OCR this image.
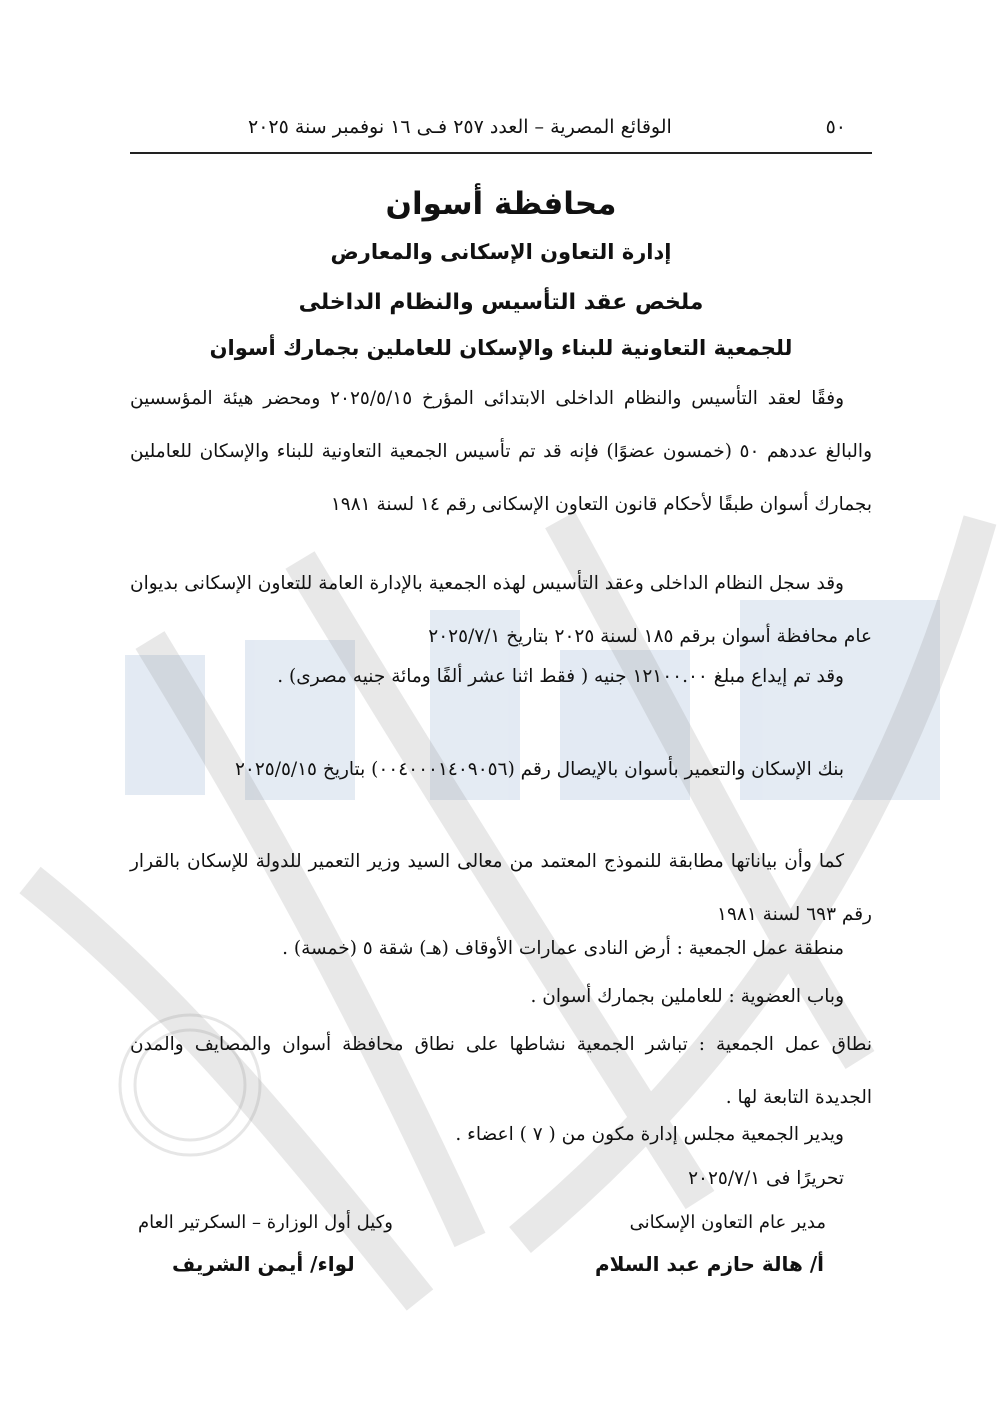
٥٠
الوقائع المصرية – العدد ٢٥٧ فـى ١٦ نوفمبر سنة ٢٠٢٥
محافظة أسوان
إدارة التعاون الإسكانى والمعارض
ملخص عقد التأسيس والنظام الداخلى
للجمعية التعاونية للبناء والإسكان للعاملين بجمارك أسوان
وفقًا لعقد التأسيس والنظام الداخلى الابتدائى المؤرخ ٢٠٢٥/٥/١٥ ومحضر هيئة المؤسسين والبالغ عددهم ٥٠ (خمسون عضوًا) فإنه قد تم تأسيس الجمعية التعاونية للبناء والإسكان للعاملين بجمارك أسوان طبقًا لأحكام قانون التعاون الإسكانى رقم ١٤ لسنة ١٩٨١
وقد سجل النظام الداخلى وعقد التأسيس لهذه الجمعية بالإدارة العامة للتعاون الإسكانى بديوان عام محافظة أسوان برقم ١٨٥ لسنة ٢٠٢٥ بتاريخ ٢٠٢٥/٧/١
وقد تم إيداع مبلغ ١٢١٠٠.٠٠ جنيه ( فقط اثنا عشر ألفًا ومائة جنيه مصرى) .
بنك الإسكان والتعمير بأسوان بالإيصال رقم (٠٠٤٠٠٠١٤٠٩٠٥٦) بتاريخ ٢٠٢٥/٥/١٥
كما وأن بياناتها مطابقة للنموذج المعتمد من معالى السيد وزير التعمير للدولة للإسكان بالقرار رقم ٦٩٣ لسنة ١٩٨١
منطقة عمل الجمعية : أرض النادى عمارات الأوقاف (هـ) شقة ٥ (خمسة) .
وباب العضوية : للعاملين بجمارك أسوان .
نطاق عمل الجمعية : تباشر الجمعية نشاطها على نطاق محافظة أسوان والمصايف والمدن الجديدة التابعة لها .
ويدير الجمعية مجلس إدارة مكون من ( ٧ ) اعضاء .
تحريرًا فى ٢٠٢٥/٧/١
مدير عام التعاون الإسكانى
أ/ هالة حازم عبد السلام
وكيل أول الوزارة – السكرتير العام
لواء/ أيمن الشريف
